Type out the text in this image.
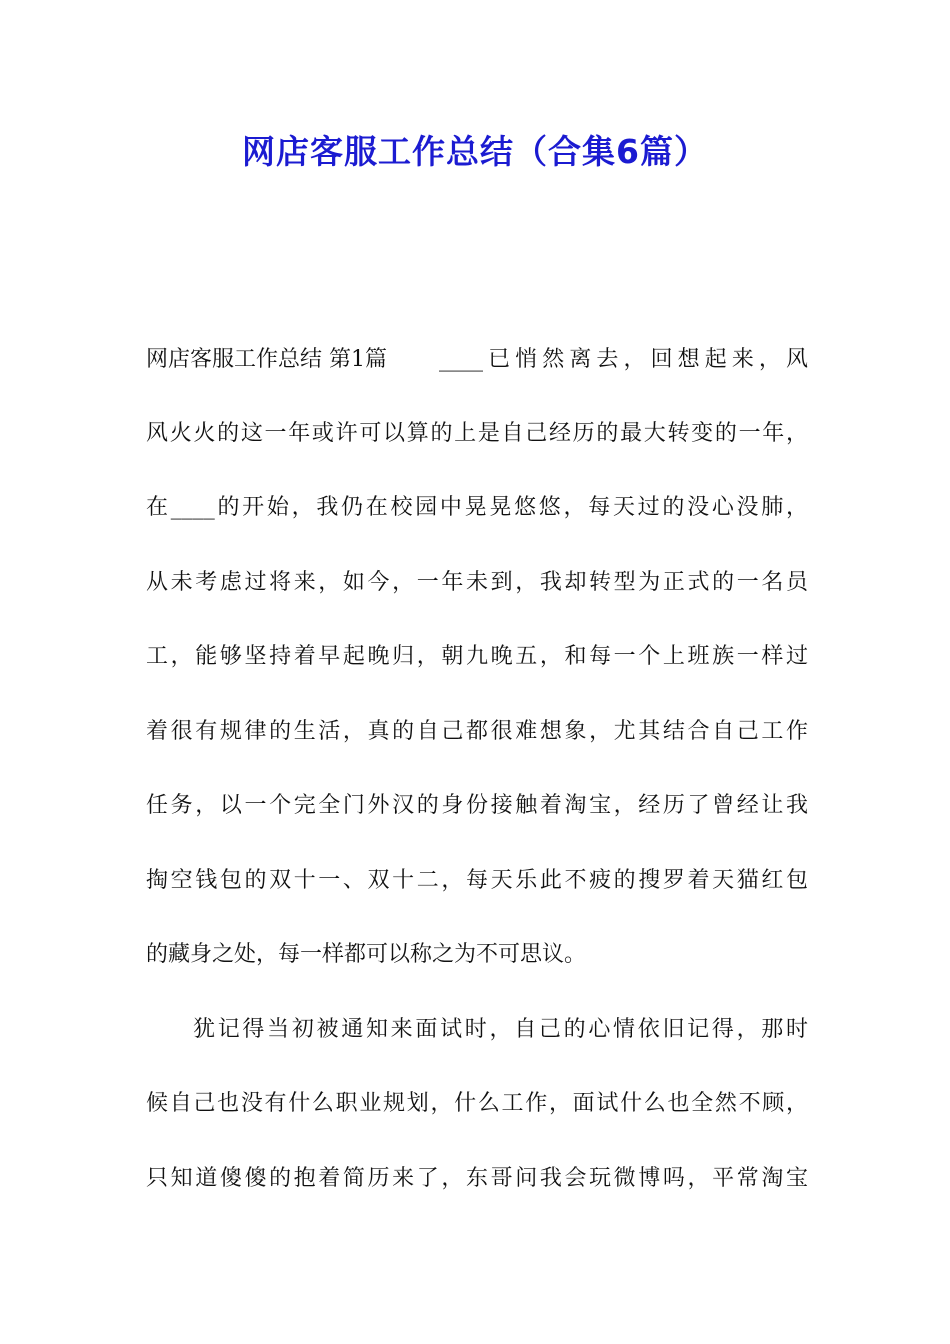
网店客服工作总结（合集6篇）
网店客服工作总结 第1篇 ____已悄然离去，回想起来，风
风火火的这一年或许可以算的上是自己经历的最大转变的一年，
在____的开始，我仍在校园中晃晃悠悠，每天过的没心没肺，
从未考虑过将来，如今，一年未到，我却转型为正式的一名员
工，能够坚持着早起晚归，朝九晚五，和每一个上班族一样过
着很有规律的生活，真的自己都很难想象，尤其结合自己工作
任务，以一个完全门外汉的身份接触着淘宝，经历了曾经让我
掏空钱包的双十一、双十二，每天乐此不疲的搜罗着天猫红包
的藏身之处，每一样都可以称之为不可思议。
犹记得当初被通知来面试时，自己的心情依旧记得，那时
候自己也没有什么职业规划，什么工作，面试什么也全然不顾，
只知道傻傻的抱着简历来了，东哥问我会玩微博吗，平常淘宝
